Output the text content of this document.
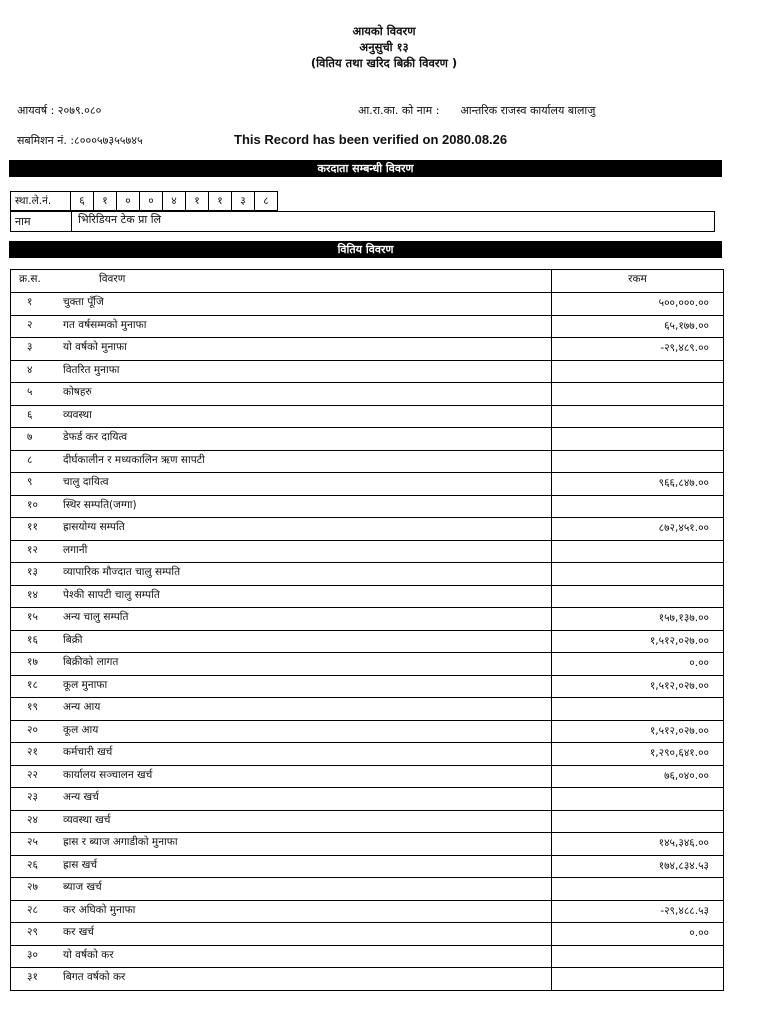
आयको विवरण
अनुसुची १३
(वितिय तथा खरिद बिक्री विवरण )
आयवर्ष : २०७९.०८०	आ.रा.का. को नाम :      आन्तरिक राजस्व कार्यालय बालाजु
सबमिशन नं. :८०००५७३५५७४५	This Record has been verified on 2080.08.26
करदाता सम्बन्धी विवरण
स्था.ले.नं.	६	१	०	०	४	१	१	३	८
नाम	भिरिडियन टेक प्रा लि
वितिय विवरण
क्र.स. विवरण	रकम

१ चुक्ता पूँजि	५००,०००.००

२ गत वर्षसम्मको मुनाफा	६५,१७७.००

३ यो वर्षको मुनाफा	-२९,४८९.००

४ वितरित मुनाफा	

५ कोषहरु	

६ व्यवस्था	

७ डेफर्ड कर दायित्व	

८ दीर्घकालीन र मध्यकालिन ऋण सापटी	

९ चालु दायित्व	९६६,८४७.००

१० स्थिर सम्पति(जग्गा)	

११ ह्रासयोग्य सम्पति	८७२,४५१.००

१२ लगानी	

१३ व्यापारिक मौज्दात चालु सम्पति	

१४ पेश्की सापटी चालु सम्पति	

१५ अन्य चालु सम्पति	१५७,१३७.००

१६ बिक्री	१,५१२,०२७.००

१७ बिक्रीको लागत	०.००

१८ कूल मुनाफा	१,५१२,०२७.००

१९ अन्य आय	

२० कूल आय	१,५१२,०२७.००

२१ कर्मचारी खर्च	१,२९०,६४१.००

२२ कार्यालय सञ्चालन खर्च	७६,०४०.००

२३ अन्य खर्च	

२४ व्यवस्था खर्च	

२५ ह्रास र ब्याज अगाडीको मुनाफा	१४५,३४६.००

२६ ह्रास खर्च	१७४,८३४.५३

२७ ब्याज खर्च	

२८ कर अघिको मुनाफा	-२९,४८८.५३

२९ कर खर्च	०.००

३० यो वर्षको कर	

३१ बिगत वर्षको कर	
